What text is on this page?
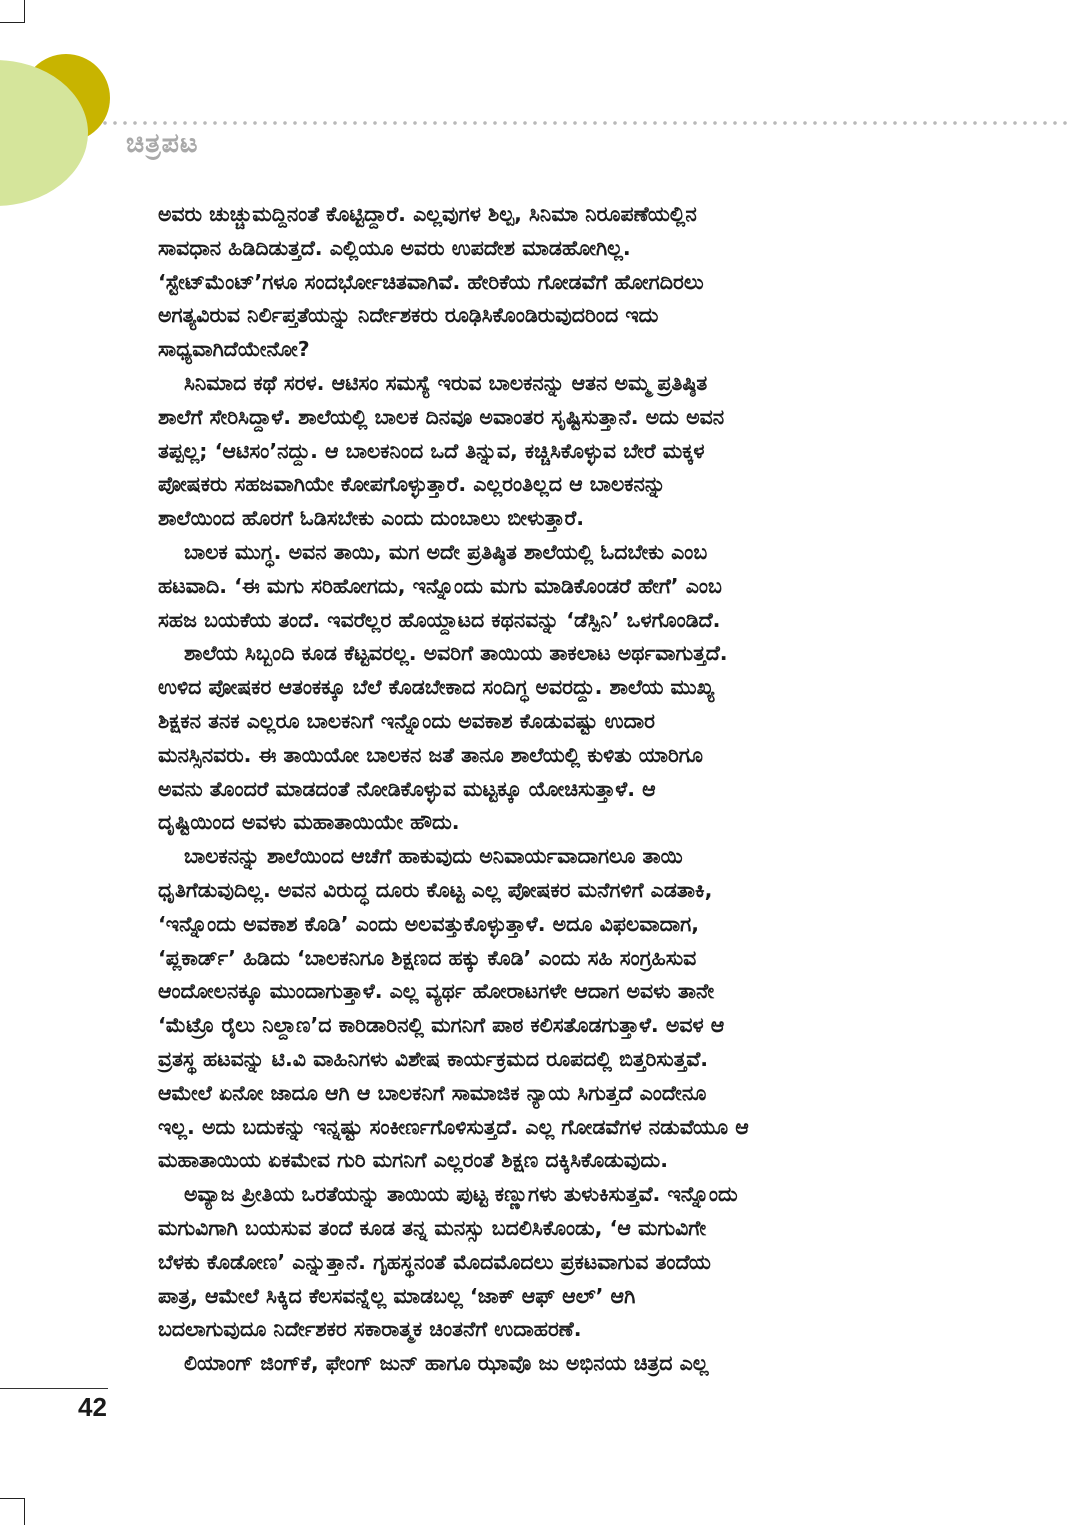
ಚಿತ್ರಪಟ
ಅವರು ಚುಚ್ಚುಮದ್ದಿನಂತೆ ಕೊಟ್ಟಿದ್ದಾರೆ. ಎಲ್ಲವುಗಳ ಶಿಲ್ಪ, ಸಿನಿಮಾ ನಿರೂಪಣೆಯಲ್ಲಿನ
ಸಾವಧಾನ ಹಿಡಿದಿಡುತ್ತದೆ. ಎಲ್ಲಿಯೂ ಅವರು ಉಪದೇಶ ಮಾಡಹೋಗಿಲ್ಲ.
‘ಸ್ಟೇಟ್‌ಮೆಂಟ್’ಗಳೂ ಸಂದರ್ಭೋಚಿತವಾಗಿವೆ. ಹೇರಿಕೆಯ ಗೋಡವೆಗೆ ಹೋಗದಿರಲು
ಅಗತ್ಯವಿರುವ ನಿರ್ಲಿಪ್ತತೆಯನ್ನು ನಿರ್ದೇಶಕರು ರೂಢಿಸಿಕೊಂಡಿರುವುದರಿಂದ ಇದು
ಸಾಧ್ಯವಾಗಿದೆಯೇನೋ?
ಸಿನಿಮಾದ ಕಥೆ ಸರಳ. ಆಟಿಸಂ ಸಮಸ್ಯೆ ಇರುವ ಬಾಲಕನನ್ನು ಆತನ ಅಮ್ಮ ಪ್ರತಿಷ್ಠಿತ
ಶಾಲೆಗೆ ಸೇರಿಸಿದ್ದಾಳೆ. ಶಾಲೆಯಲ್ಲಿ ಬಾಲಕ ದಿನವೂ ಅವಾಂತರ ಸೃಷ್ಟಿಸುತ್ತಾನೆ. ಅದು ಅವನ
ತಪ್ಪಲ್ಲ; ‘ಆಟಿಸಂ’ನದ್ದು. ಆ ಬಾಲಕನಿಂದ ಒದೆ ತಿನ್ನುವ, ಕಚ್ಚಿಸಿಕೊಳ್ಳುವ ಬೇರೆ ಮಕ್ಕಳ
ಪೋಷಕರು ಸಹಜವಾಗಿಯೇ ಕೋಪಗೊಳ್ಳುತ್ತಾರೆ. ಎಲ್ಲರಂತಿಲ್ಲದ ಆ ಬಾಲಕನನ್ನು
ಶಾಲೆಯಿಂದ ಹೊರಗೆ ಓಡಿಸಬೇಕು ಎಂದು ದುಂಬಾಲು ಬೀಳುತ್ತಾರೆ.
ಬಾಲಕ ಮುಗ್ಧ. ಅವನ ತಾಯಿ, ಮಗ ಅದೇ ಪ್ರತಿಷ್ಠಿತ ಶಾಲೆಯಲ್ಲಿ ಓದಬೇಕು ಎಂಬ
ಹಟವಾದಿ. ‘ಈ ಮಗು ಸರಿಹೋಗದು, ಇನ್ನೊಂದು ಮಗು ಮಾಡಿಕೊಂಡರೆ ಹೇಗೆ’ ಎಂಬ
ಸಹಜ ಬಯಕೆಯ ತಂದೆ. ಇವರೆಲ್ಲರ ಹೊಯ್ದಾಟದ ಕಥನವನ್ನು ‘ಡೆಸ್ಪಿನಿ’ ಒಳಗೊಂಡಿದೆ.
ಶಾಲೆಯ ಸಿಬ್ಬಂದಿ ಕೂಡ ಕೆಟ್ಟವರಲ್ಲ. ಅವರಿಗೆ ತಾಯಿಯ ತಾಕಲಾಟ ಅರ್ಥವಾಗುತ್ತದೆ.
ಉಳಿದ ಪೋಷಕರ ಆತಂಕಕ್ಕೂ ಬೆಲೆ ಕೊಡಬೇಕಾದ ಸಂದಿಗ್ಧ ಅವರದ್ದು. ಶಾಲೆಯ ಮುಖ್ಯ
ಶಿಕ್ಷಕನ ತನಕ ಎಲ್ಲರೂ ಬಾಲಕನಿಗೆ ಇನ್ನೊಂದು ಅವಕಾಶ ಕೊಡುವಷ್ಟು ಉದಾರ
ಮನಸ್ಸಿನವರು. ಈ ತಾಯಿಯೋ ಬಾಲಕನ ಜತೆ ತಾನೂ ಶಾಲೆಯಲ್ಲಿ ಕುಳಿತು ಯಾರಿಗೂ
ಅವನು ತೊಂದರೆ ಮಾಡದಂತೆ ನೋಡಿಕೊಳ್ಳುವ ಮಟ್ಟಕ್ಕೂ ಯೋಚಿಸುತ್ತಾಳೆ. ಆ
ದೃಷ್ಟಿಯಿಂದ ಅವಳು ಮಹಾತಾಯಿಯೇ ಹೌದು.
ಬಾಲಕನನ್ನು ಶಾಲೆಯಿಂದ ಆಚೆಗೆ ಹಾಕುವುದು ಅನಿವಾರ್ಯವಾದಾಗಲೂ ತಾಯಿ
ಧೃತಿಗೆಡುವುದಿಲ್ಲ. ಅವನ ವಿರುದ್ಧ ದೂರು ಕೊಟ್ಟ ಎಲ್ಲ ಪೋಷಕರ ಮನೆಗಳಿಗೆ ಎಡತಾಕಿ,
‘ಇನ್ನೊಂದು ಅವಕಾಶ ಕೊಡಿ’ ಎಂದು ಅಲವತ್ತುಕೊಳ್ಳುತ್ತಾಳೆ. ಅದೂ ವಿಫಲವಾದಾಗ,
‘ಪ್ಲಕಾರ್ಡ್’ ಹಿಡಿದು ‘ಬಾಲಕನಿಗೂ ಶಿಕ್ಷಣದ ಹಕ್ಕು ಕೊಡಿ’ ಎಂದು ಸಹಿ ಸಂಗ್ರಹಿಸುವ
ಆಂದೋಲನಕ್ಕೂ ಮುಂದಾಗುತ್ತಾಳೆ. ಎಲ್ಲ ವ್ಯರ್ಥ ಹೋರಾಟಗಳೇ ಆದಾಗ ಅವಳು ತಾನೇ
‘ಮೆಟ್ರೊ ರೈಲು ನಿಲ್ದಾಣ’ದ ಕಾರಿಡಾರಿನಲ್ಲಿ ಮಗನಿಗೆ ಪಾಠ ಕಲಿಸತೊಡಗುತ್ತಾಳೆ. ಅವಳ ಆ
ವ್ರತಸ್ಥ ಹಟವನ್ನು ಟಿ.ವಿ ವಾಹಿನಿಗಳು ವಿಶೇಷ ಕಾರ್ಯಕ್ರಮದ ರೂಪದಲ್ಲಿ ಬಿತ್ತರಿಸುತ್ತವೆ.
ಆಮೇಲೆ ಏನೋ ಜಾದೂ ಆಗಿ ಆ ಬಾಲಕನಿಗೆ ಸಾಮಾಜಿಕ ನ್ಯಾಯ ಸಿಗುತ್ತದೆ ಎಂದೇನೂ
ಇಲ್ಲ. ಅದು ಬದುಕನ್ನು ಇನ್ನಷ್ಟು ಸಂಕೀರ್ಣಗೊಳಿಸುತ್ತದೆ. ಎಲ್ಲ ಗೋಡವೆಗಳ ನಡುವೆಯೂ ಆ
ಮಹಾತಾಯಿಯ ಏಕಮೇವ ಗುರಿ ಮಗನಿಗೆ ಎಲ್ಲರಂತೆ ಶಿಕ್ಷಣ ದಕ್ಕಿಸಿಕೊಡುವುದು.
ಅವ್ಯಾಜ ಪ್ರೀತಿಯ ಒರತೆಯನ್ನು ತಾಯಿಯ ಪುಟ್ಟ ಕಣ್ಣುಗಳು ತುಳುಕಿಸುತ್ತವೆ. ಇನ್ನೊಂದು
ಮಗುವಿಗಾಗಿ ಬಯಸುವ ತಂದೆ ಕೂಡ ತನ್ನ ಮನಸ್ಸು ಬದಲಿಸಿಕೊಂಡು, ‘ಆ ಮಗುವಿಗೇ
ಬೆಳಕು ಕೊಡೋಣ’ ಎನ್ನುತ್ತಾನೆ. ಗೃಹಸ್ಥನಂತೆ ಮೊದಮೊದಲು ಪ್ರಕಟವಾಗುವ ತಂದೆಯ
ಪಾತ್ರ, ಆಮೇಲೆ ಸಿಕ್ಕಿದ ಕೆಲಸವನ್ನೆಲ್ಲ ಮಾಡಬಲ್ಲ ‘ಜಾಕ್ ಆಫ್ ಆಲ್’ ಆಗಿ
ಬದಲಾಗುವುದೂ ನಿರ್ದೇಶಕರ ಸಕಾರಾತ್ಮಕ ಚಿಂತನೆಗೆ ಉದಾಹರಣೆ.
ಲಿಯಾಂಗ್ ಜಿಂಗ್‌ಕೆ, ಫೇಂಗ್ ಜುನ್ ಹಾಗೂ ಝಾವೊ ಜು ಅಭಿನಯ ಚಿತ್ರದ ಎಲ್ಲ
42
